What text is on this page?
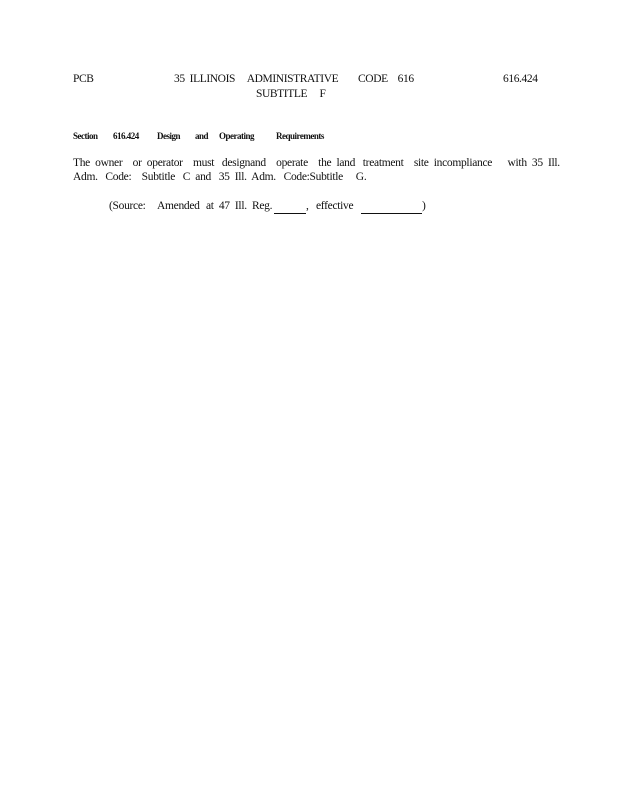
PCB	35  ILLINOIS     ADMINISTRATIVE        CODE    616
SUBTITLE     F
616.424
Section 616.424 Design and Operating Requirements
The  owner    or  operator    must   designand    operate    the  land   treatment    site  incompliance      with  35  Ill.
Adm.   Code:    Subtitle   C  and   35  Ill.  Adm.   Code:Subtitle     G.
(Source: Amended at  47  Ill.  Reg.	, effective	)
